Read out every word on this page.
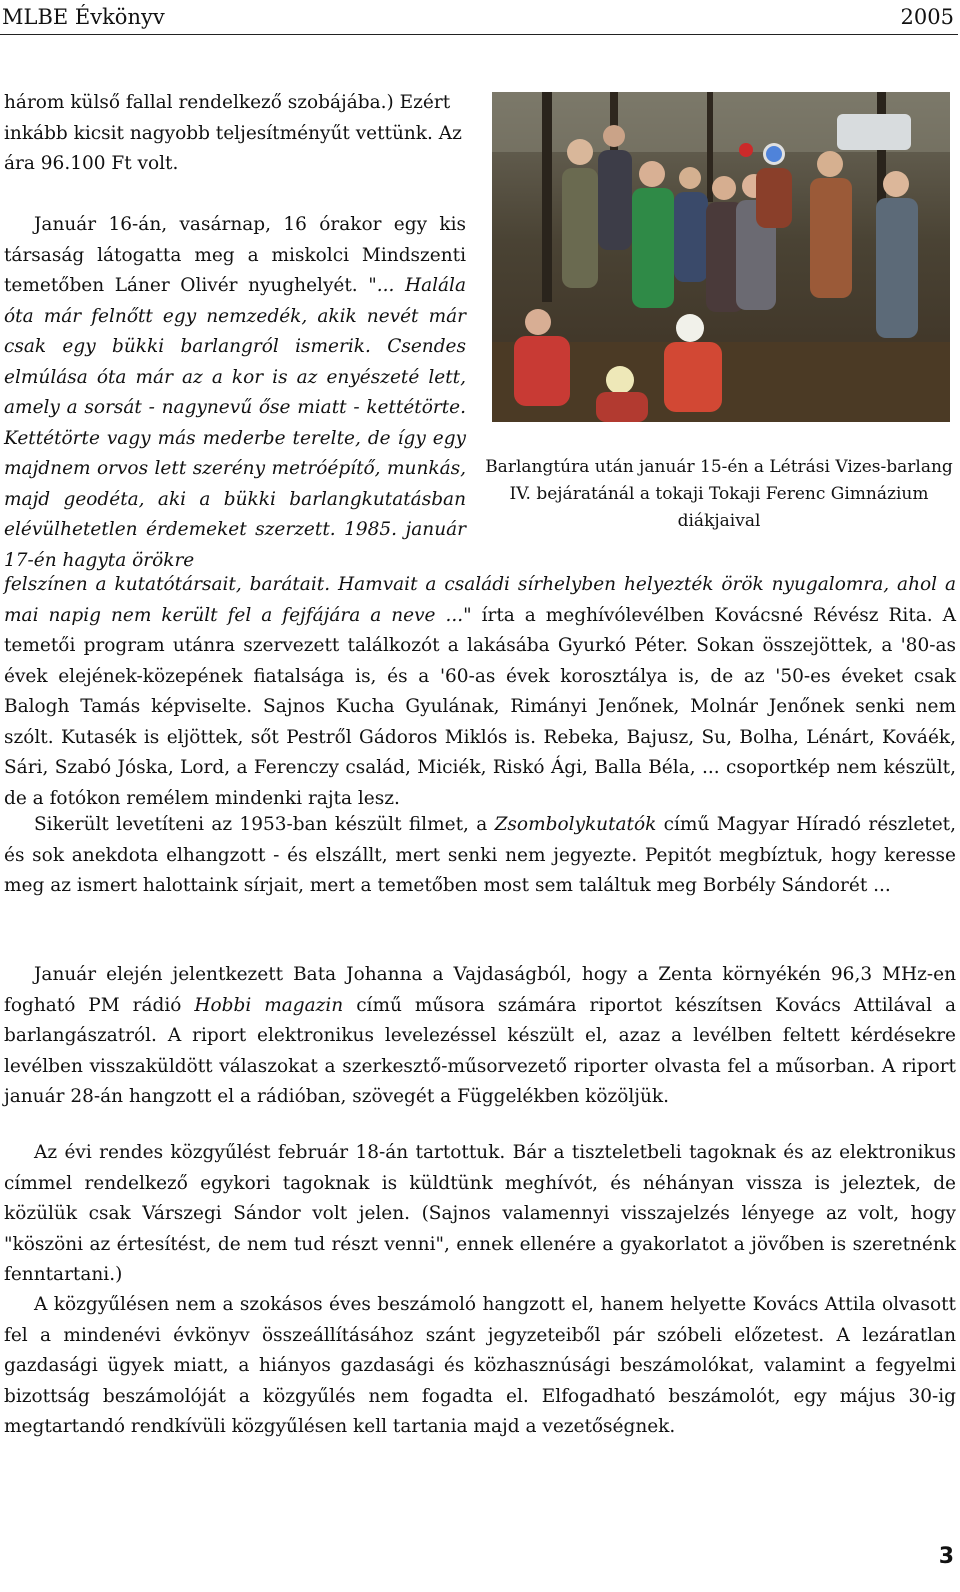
MLBE Évkönyv	2005

három külső fallal rendelkező szobájába.) Ezért inkább kicsit nagyobb teljesítményűt vettünk. Az ára 96.100 Ft volt.

Január 16-án, vasárnap, 16 órakor egy kis társaság látogatta meg a miskolci Mindszenti temetőben Láner Olivér nyughelyét. "... Halála óta már felnőtt egy nemzedék, akik nevét már csak egy bükki barlangról ismerik. Csendes elmúlása óta már az a kor is az enyészeté lett, amely a sorsát - nagynevű őse miatt - kettétörte. Kettétörte vagy más mederbe terelte, de így egy majdnem orvos lett szerény metróépítő, munkás, majd geodéta, aki a bükki barlangkutatásban elévülhetetlen érdemeket szerzett. 1985. január 17-én hagyta örökre

Barlangtúra után január 15-én a Létrási Vizes-barlang IV. bejáratánál a tokaji Tokaji Ferenc Gimnázium diákjaival

felszínen a kutatótársait, barátait. Hamvait a családi sírhelyben helyezték örök nyugalomra, ahol a mai napig nem került fel a fejfájára a neve ..." írta a meghívólevélben Kovácsné Révész Rita. A temetői program utánra szervezett találkozót a lakásába Gyurkó Péter. Sokan összejöttek, a '80-as évek elejének-közepének fiatalsága is, és a '60-as évek korosztálya is, de az '50-es éveket csak Balogh Tamás képviselte. Sajnos Kucha Gyulának, Rimányi Jenőnek, Molnár Jenőnek senki nem szólt. Kutasék is eljöttek, sőt Pestről Gádoros Miklós is. Rebeka, Bajusz, Su, Bolha, Lénárt, Kováék, Sári, Szabó Jóska, Lord, a Ferenczy család, Miciék, Riskó Ági, Balla Béla, ... csoportkép nem készült, de a fotókon remélem mindenki rajta lesz.

Sikerült levetíteni az 1953-ban készült filmet, a Zsombolykutatók című Magyar Híradó részletet, és sok anekdota elhangzott - és elszállt, mert senki nem jegyezte. Pepitót megbíztuk, hogy keresse meg az ismert halottaink sírjait, mert a temetőben most sem találtuk meg Borbély Sándorét ...

Január elején jelentkezett Bata Johanna a Vajdaságból, hogy a Zenta környékén 96,3 MHz-en fogható PM rádió Hobbi magazin című műsora számára riportot készítsen Kovács Attilával a barlangászatról. A riport elektronikus levelezéssel készült el, azaz a levélben feltett kérdésekre levélben visszaküldött válaszokat a szerkesztő-műsorvezető riporter olvasta fel a műsorban. A riport január 28-án hangzott el a rádióban, szövegét a Függelékben közöljük.

Az évi rendes közgyűlést február 18-án tartottuk. Bár a tiszteletbeli tagoknak és az elektronikus címmel rendelkező egykori tagoknak is küldtünk meghívót, és néhányan vissza is jeleztek, de közülük csak Várszegi Sándor volt jelen. (Sajnos valamennyi visszajelzés lényege az volt, hogy "köszöni az értesítést, de nem tud részt venni", ennek ellenére a gyakorlatot a jövőben is szeretnénk fenntartani.)

A közgyűlésen nem a szokásos éves beszámoló hangzott el, hanem helyette Kovács Attila olvasott fel a mindenévi évkönyv összeállításához szánt jegyzeteiből pár szóbeli előzetest. A lezáratlan gazdasági ügyek miatt, a hiányos gazdasági és közhasznúsági beszámolókat, valamint a fegyelmi bizottság beszámolóját a közgyűlés nem fogadta el. Elfogadható beszámolót, egy május 30-ig megtartandó rendkívüli közgyűlésen kell tartania majd a vezetőségnek.

3
